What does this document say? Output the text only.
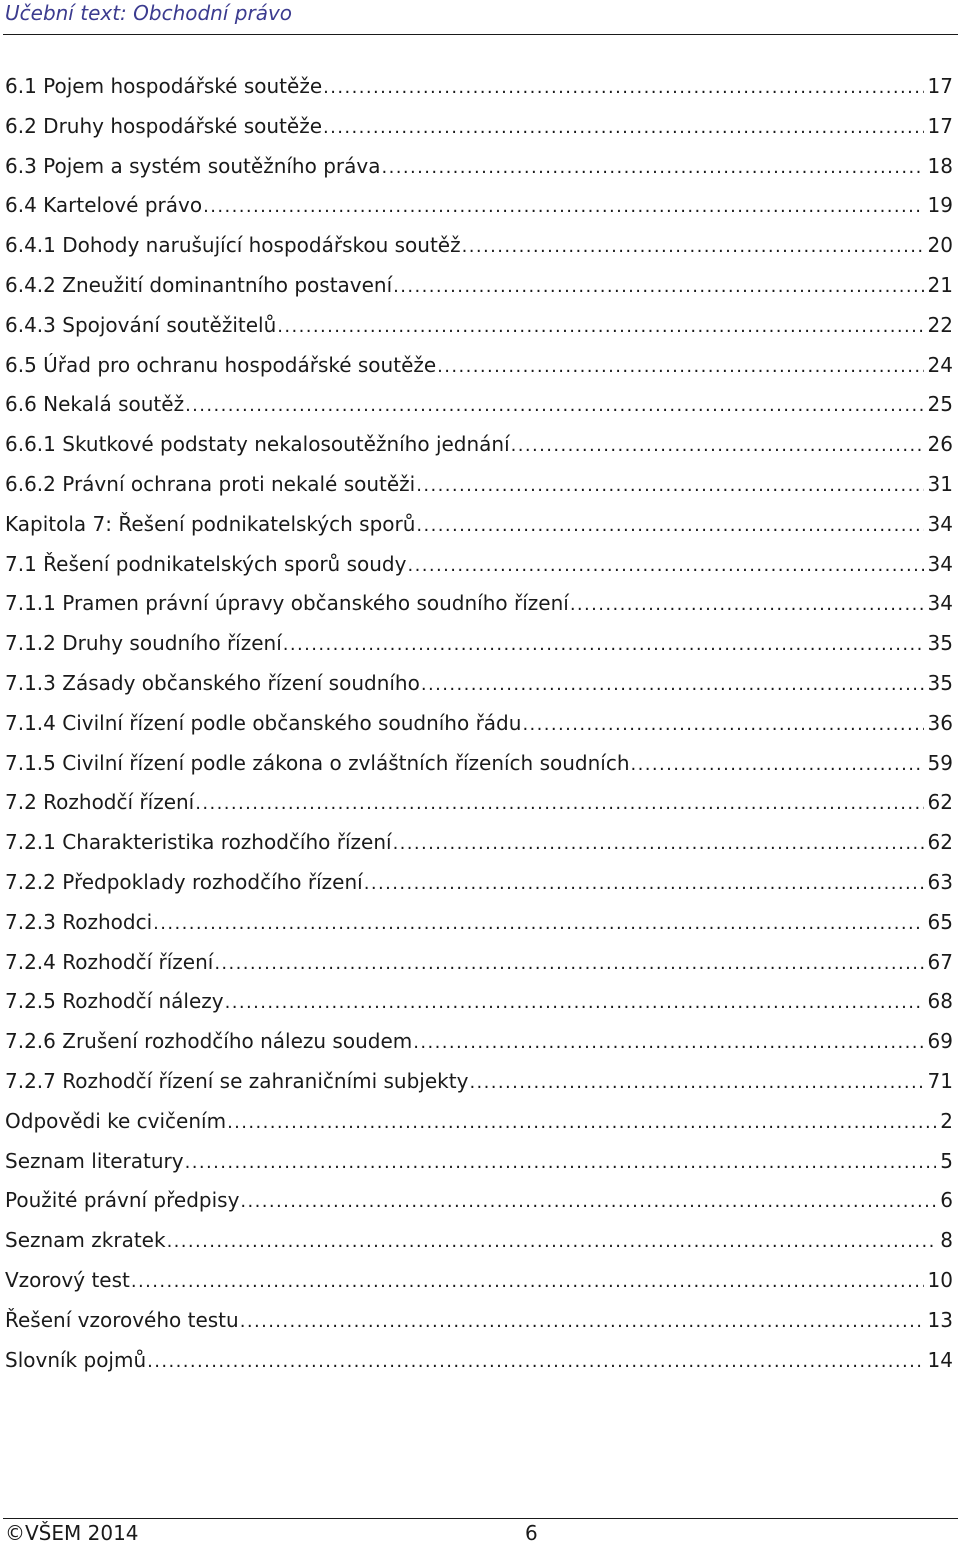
Učební text: Obchodní právo
6.1 Pojem hospodářské soutěže .....	17
6.2 Druhy hospodářské soutěže .....	17
6.3 Pojem a systém soutěžního práva .....	18
6.4 Kartelové právo .....	19
6.4.1 Dohody narušující hospodářskou soutěž .....	20
6.4.2 Zneužití dominantního postavení .....	21
6.4.3 Spojování soutěžitelů .....	22
6.5 Úřad pro ochranu hospodářské soutěže .....	24
6.6 Nekalá soutěž .....	25
6.6.1 Skutkové podstaty nekalosoutěžního jednání .....	26
6.6.2 Právní ochrana proti nekalé soutěži .....	31
Kapitola 7: Řešení podnikatelských sporů .....	34
7.1 Řešení podnikatelských sporů soudy .....	34
7.1.1 Pramen právní úpravy občanského soudního řízení .....	34
7.1.2 Druhy soudního řízení .....	35
7.1.3 Zásady občanského řízení soudního .....	35
7.1.4 Civilní řízení podle občanského soudního řádu .....	36
7.1.5 Civilní řízení podle zákona o zvláštních řízeních soudních .....	59
7.2 Rozhodčí řízení .....	62
7.2.1 Charakteristika rozhodčího řízení .....	62
7.2.2 Předpoklady rozhodčího řízení .....	63
7.2.3 Rozhodci .....	65
7.2.4 Rozhodčí řízení .....	67
7.2.5 Rozhodčí nálezy .....	68
7.2.6 Zrušení rozhodčího nálezu soudem .....	69
7.2.7 Rozhodčí řízení se zahraničními subjekty .....	71
Odpovědi ke cvičením .....	2
Seznam literatury .....	5
Použité právní předpisy .....	6
Seznam zkratek .....	8
Vzorový test .....	10
Řešení vzorového testu .....	13
Slovník pojmů .....	14
©VŠEM 2014	6
